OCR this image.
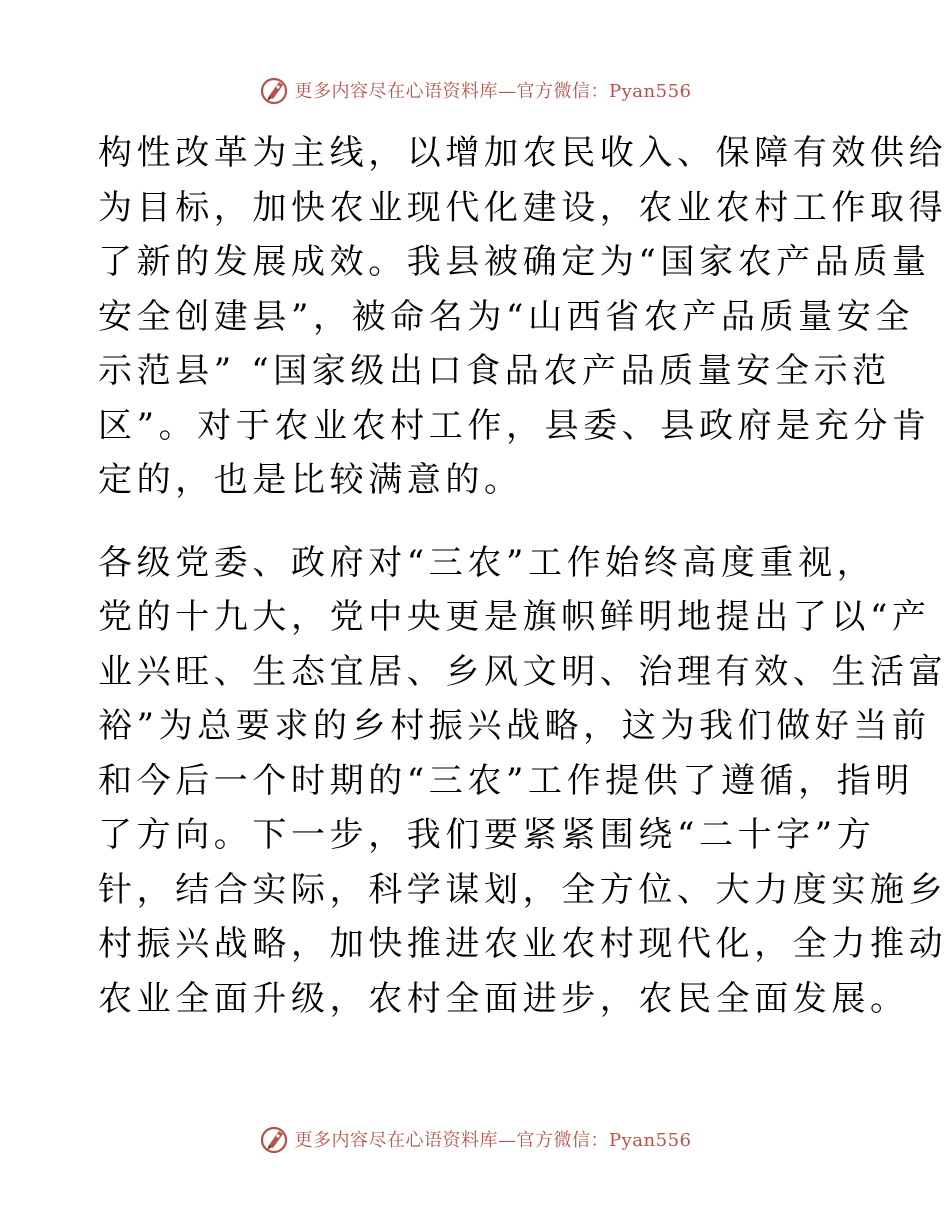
更多内容尽在心语资料库—官方微信：Pyan556

构性改革为主线，以增加农民收入、保障有效供给
为目标，加快农业现代化建设，农业农村工作取得
了新的发展成效。我县被确定为“国家农产品质量
安全创建县”，被命名为“山西省农产品质量安全
示范县” “国家级出口食品农产品质量安全示范
区”。对于农业农村工作，县委、县政府是充分肯
定的，也是比较满意的。

各级党委、政府对“三农”工作始终高度重视，
党的十九大，党中央更是旗帜鲜明地提出了以“产
业兴旺、生态宜居、乡风文明、治理有效、生活富
裕”为总要求的乡村振兴战略，这为我们做好当前
和今后一个时期的“三农”工作提供了遵循，指明
了方向。下一步，我们要紧紧围绕“二十字”方
针，结合实际，科学谋划，全方位、大力度实施乡
村振兴战略，加快推进农业农村现代化，全力推动
农业全面升级，农村全面进步，农民全面发展。

更多内容尽在心语资料库—官方微信：Pyan556
